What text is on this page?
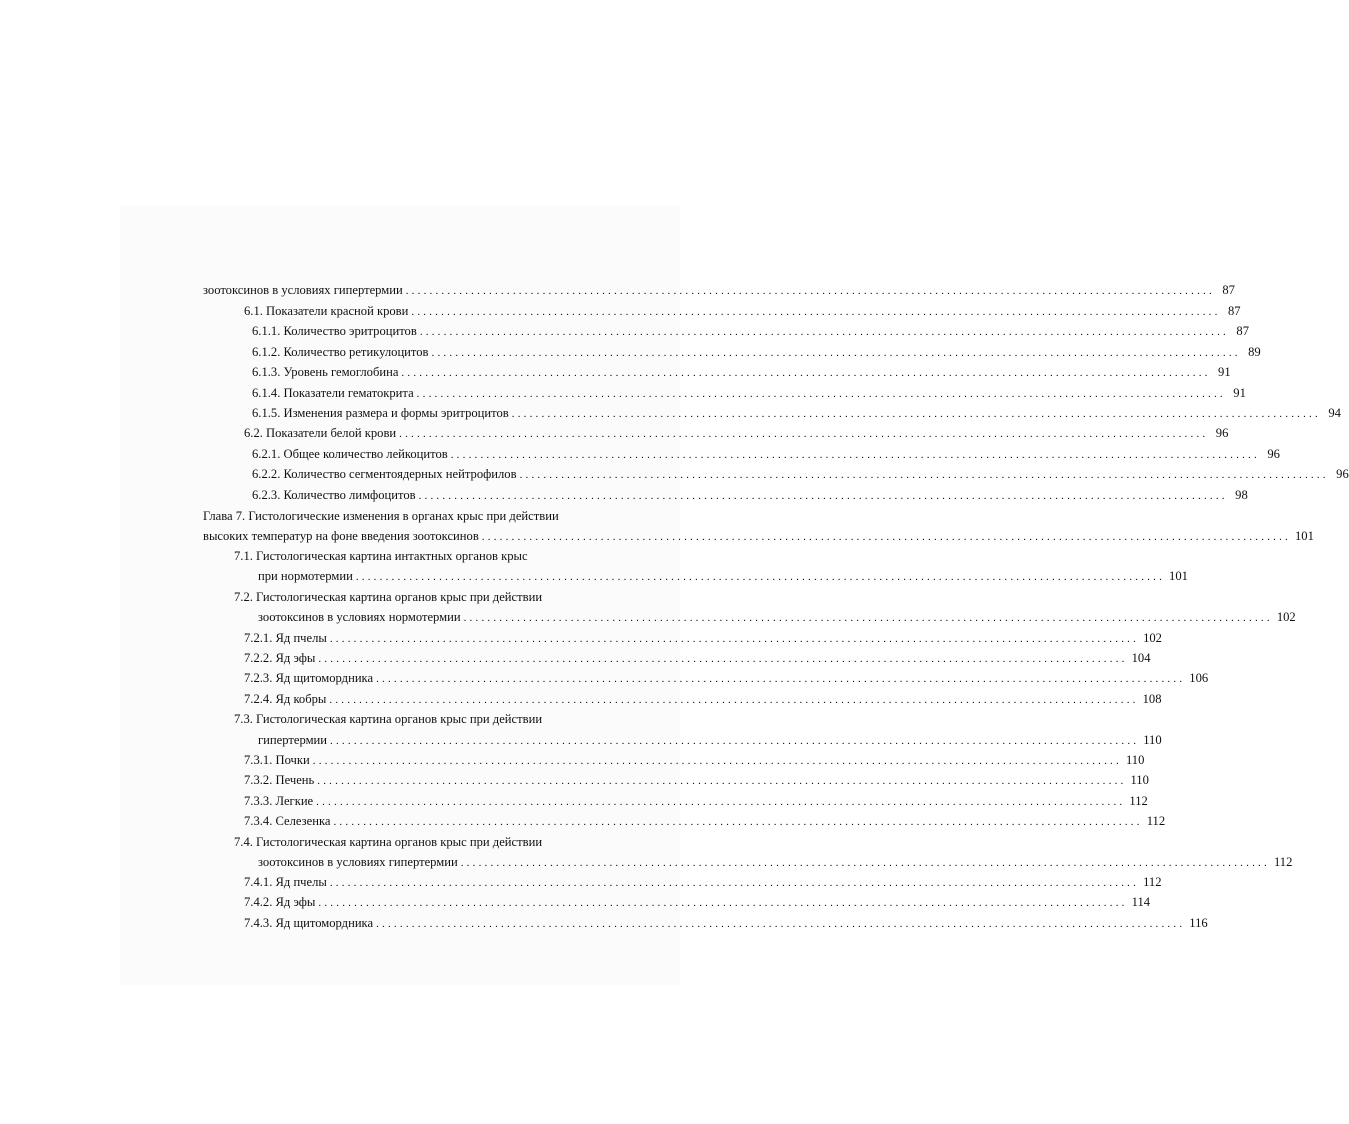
зоотоксинов в условиях гипертермии ........................................................................................................................................ 87
6.1. Показатели красной крови ........................................................................................................................................ 87
6.1.1. Количество эритроцитов ........................................................................................................................................ 87
6.1.2. Количество ретикулоцитов ........................................................................................................................................ 89
6.1.3. Уровень гемоглобина ........................................................................................................................................ 91
6.1.4. Показатели гематокрита ........................................................................................................................................ 91
6.1.5. Изменения размера и формы эритроцитов ........................................................................................................................................ 94
6.2. Показатели белой крови ........................................................................................................................................ 96
6.2.1. Общее количество лейкоцитов ........................................................................................................................................ 96
6.2.2. Количество сегментоядерных нейтрофилов ........................................................................................................................................ 96
6.2.3. Количество лимфоцитов ........................................................................................................................................ 98
Глава 7. Гистологические изменения в органах крыс при действии
высоких температур на фоне введения зоотоксинов ........................................................................................................................................ 101
7.1. Гистологическая картина интактных органов крыс
при нормотермии ........................................................................................................................................ 101
7.2. Гистологическая картина органов крыс при действии
зоотоксинов в условиях нормотермии ........................................................................................................................................ 102
7.2.1. Яд пчелы ........................................................................................................................................ 102
7.2.2. Яд эфы ........................................................................................................................................ 104
7.2.3. Яд щитомордника ........................................................................................................................................ 106
7.2.4. Яд кобры ........................................................................................................................................ 108
7.3. Гистологическая картина органов крыс при действии
гипертермии ........................................................................................................................................ 110
7.3.1. Почки ........................................................................................................................................ 110
7.3.2. Печень ........................................................................................................................................ 110
7.3.3. Легкие ........................................................................................................................................ 112
7.3.4. Селезенка ........................................................................................................................................ 112
7.4. Гистологическая картина органов крыс при действии
зоотоксинов в условиях гипертермии ........................................................................................................................................ 112
7.4.1. Яд пчелы ........................................................................................................................................ 112
7.4.2. Яд эфы ........................................................................................................................................ 114
7.4.3. Яд щитомордника ........................................................................................................................................ 116
